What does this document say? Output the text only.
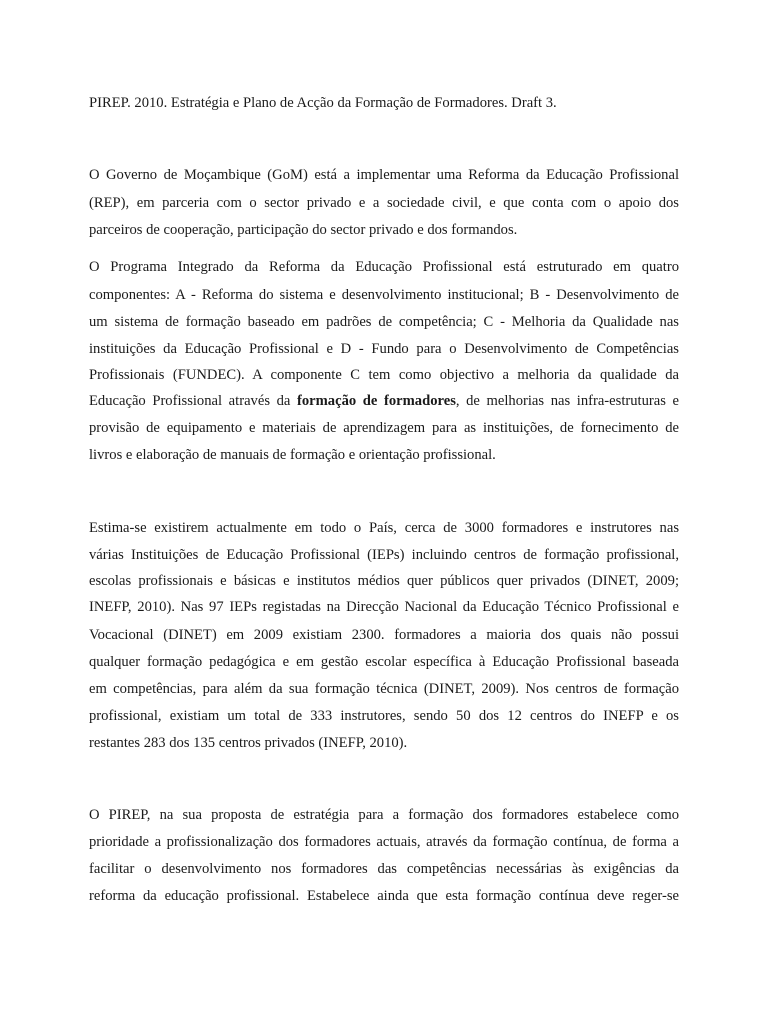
PIREP. 2010. Estratégia e Plano de Acção da Formação de Formadores. Draft 3.
O Governo de Moçambique (GoM) está a implementar uma Reforma da Educação Profissional
(REP), em parceria com o sector privado e a sociedade civil, e que conta com o apoio dos
parceiros de cooperação, participação do sector privado e dos formandos.
O Programa Integrado da Reforma da Educação Profissional está estruturado em quatro
componentes: A - Reforma do sistema e desenvolvimento institucional; B - Desenvolvimento de
um sistema de formação baseado em padrões de competência; C - Melhoria da Qualidade nas
instituições da Educação Profissional e D - Fundo para o Desenvolvimento de Competências
Profissionais (FUNDEC). A componente C tem como objectivo a melhoria da qualidade da
Educação Profissional através da formação de formadores, de melhorias nas infra-estruturas e
provisão de equipamento e materiais de aprendizagem para as instituições, de fornecimento de
livros e elaboração de manuais de formação e orientação profissional.
Estima-se existirem actualmente em todo o País, cerca de 3000 formadores e instrutores nas
várias Instituições de Educação Profissional (IEPs) incluindo centros de formação profissional,
escolas profissionais e básicas e institutos médios quer públicos quer privados (DINET, 2009;
INEFP, 2010). Nas 97 IEPs registadas na Direcção Nacional da Educação Técnico Profissional e
Vocacional (DINET) em 2009 existiam 2300. formadores a maioria dos quais não possui
qualquer formação pedagógica e em gestão escolar específica à Educação Profissional baseada
em competências, para além da sua formação técnica (DINET, 2009). Nos centros de formação
profissional, existiam um total de 333 instrutores, sendo 50 dos 12 centros do INEFP e os
restantes 283 dos 135 centros privados (INEFP, 2010).
O PIREP, na sua proposta de estratégia para a formação dos formadores estabelece como
prioridade a profissionalização dos formadores actuais, através da formação contínua, de forma a
facilitar o desenvolvimento nos formadores das competências necessárias às exigências da
reforma da educação profissional. Estabelece ainda que esta formação contínua deve reger-se
